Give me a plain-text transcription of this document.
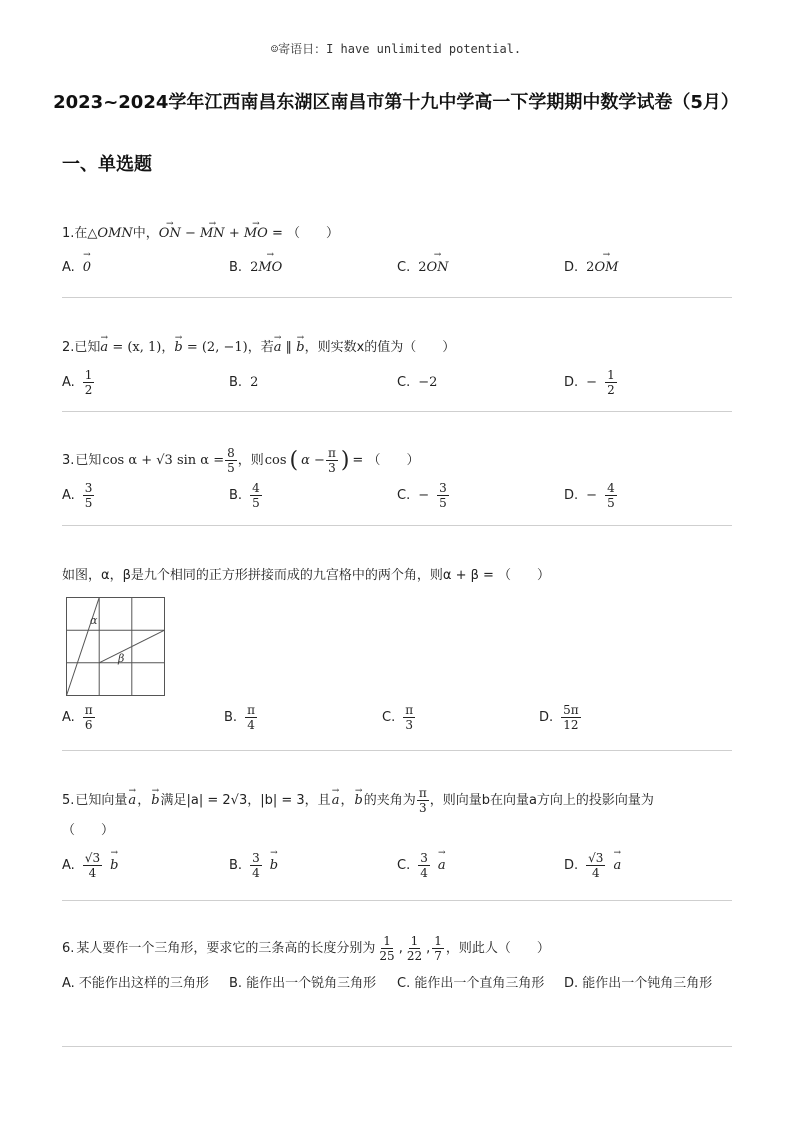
☺寄语日：I have unlimited potential.
2023~2024学年江西南昌东湖区南昌市第十九中学高一下学期期中数学试卷（5月）
一、单选题
1.在△OMN中，→ ON − → MN + → MO = （　　）
A.
→ 0	B. 2→ MO	C. 2→ ON	D. 2→ OM
2.已知→ a = (x, 1)，→ b = (2, −1)，若→ a ∥ → b，则实数x的值为（　　）
A. $\frac{1}{2}$	B. 2	C. −2	D. − $\frac{1}{2}$
3. 已知 cos α + √3 $\sin \alpha = \frac{8}{5}$ ，则 cos ( $\alpha - \frac{\pi}{3}$ ) = （　　）
A. $\frac{3}{5}$	B. $\frac{4}{5}$	C. − $\frac{3}{5}$	D. − $\frac{4}{5}$
如图，α，β是九个相同的正方形拼接而成的九宫格中的两个角，则α + β = （　　）
α
β
A. $\frac{\pi}{6}$	B. $\frac{\pi}{4}$	C. $\frac{\pi}{3}$	D. $\frac{5\pi}{12}$
5. 已知向量
→ a ，
→ b 满足|a| = 2√3，|b| = 3，且
→ a ，
→ b 的夹角为 $\frac{\pi}{3}$ ，则向量b在向量a方向上的投影向量为
（　　）
A. $\frac{√3}{4}$
→ b	B. $\frac{3}{4}$
→ b	C. $\frac{3}{4}$
→ a	D. $\frac{√3}{4}$
→ a
6. 某人要作一个三角形，要求它的三条高的长度分别为 $\frac{1}{25}$ , $\frac{1}{22}$ , $\frac{1}{7}$ ，则此人（　　）
A. 不能作出这样的三角形 B. 能作出一个锐角三角形 C. 能作出一个直角三角形 D. 能作出一个钝角三角形
